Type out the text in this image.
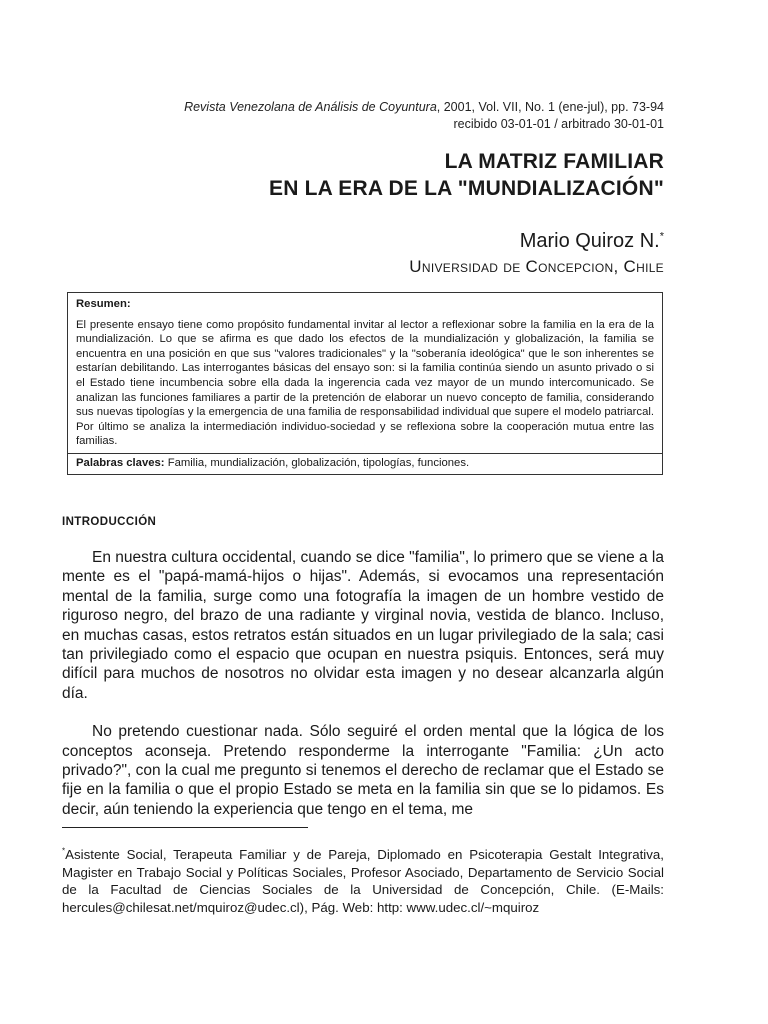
Revista Venezolana de Análisis de Coyuntura, 2001, Vol. VII, No. 1 (ene-jul), pp. 73-94
recibido 03-01-01 / arbitrado 30-01-01
LA MATRIZ FAMILIAR
EN LA ERA DE LA "MUNDIALIZACIÓN"
Mario Quiroz N.*
Universidad de Concepcion, Chile
Resumen:
El presente ensayo tiene como propósito fundamental invitar al lector a reflexionar sobre la familia en la era de la mundialización. Lo que se afirma es que dado los efectos de la mundialización y globalización, la familia se encuentra en una posición en que sus "valores tradicionales" y la "soberanía ideológica" que le son inherentes se estarían debilitando. Las interrogantes básicas del ensayo son: si la familia continúa siendo un asunto privado o si el Estado tiene incumbencia sobre ella dada la ingerencia cada vez mayor de un mundo intercomunicado. Se analizan las funciones familiares a partir de la pretención de elaborar un nuevo concepto de familia, considerando sus nuevas tipologías y la emergencia de una familia de responsabilidad individual que supere el modelo patriarcal. Por último se analiza la intermediación individuo-sociedad y se reflexiona sobre la cooperación mutua entre las familias.
Palabras claves: Familia, mundialización, globalización, tipologías, funciones.
INTRODUCCIÓN

En nuestra cultura occidental, cuando se dice "familia", lo primero que se viene a la mente es el "papá-mamá-hijos o hijas". Además, si evocamos una representación mental de la familia, surge como una fotografía la imagen de un hombre vestido de riguroso negro, del brazo de una radiante y virginal novia, vestida de blanco. Incluso, en muchas casas, estos retratos están situados en un lugar privilegiado de la sala; casi tan privilegiado como el espacio que ocupan en nuestra psiquis. Entonces, será muy difícil para muchos de nosotros no olvidar esta imagen y no desear alcanzarla algún día.

No pretendo cuestionar nada. Sólo seguiré el orden mental que la lógica de los conceptos aconseja. Pretendo responderme la interrogante "Familia: ¿Un acto privado?", con la cual me pregunto si tenemos el derecho de reclamar que el Estado se fije en la familia o que el propio Estado se meta en la familia sin que se lo pidamos. Es decir, aún teniendo la experiencia que tengo en el tema, me

*Asistente Social, Terapeuta Familiar y de Pareja, Diplomado en Psicoterapia Gestalt Integrativa, Magister en Trabajo Social y Políticas Sociales, Profesor Asociado, Departamento de Servicio Social de la Facultad de Ciencias Sociales de la Universidad de Concepción, Chile. (E-Mails: hercules@chilesat.net/mquiroz@udec.cl), Pág. Web: http: www.udec.cl/~mquiroz
